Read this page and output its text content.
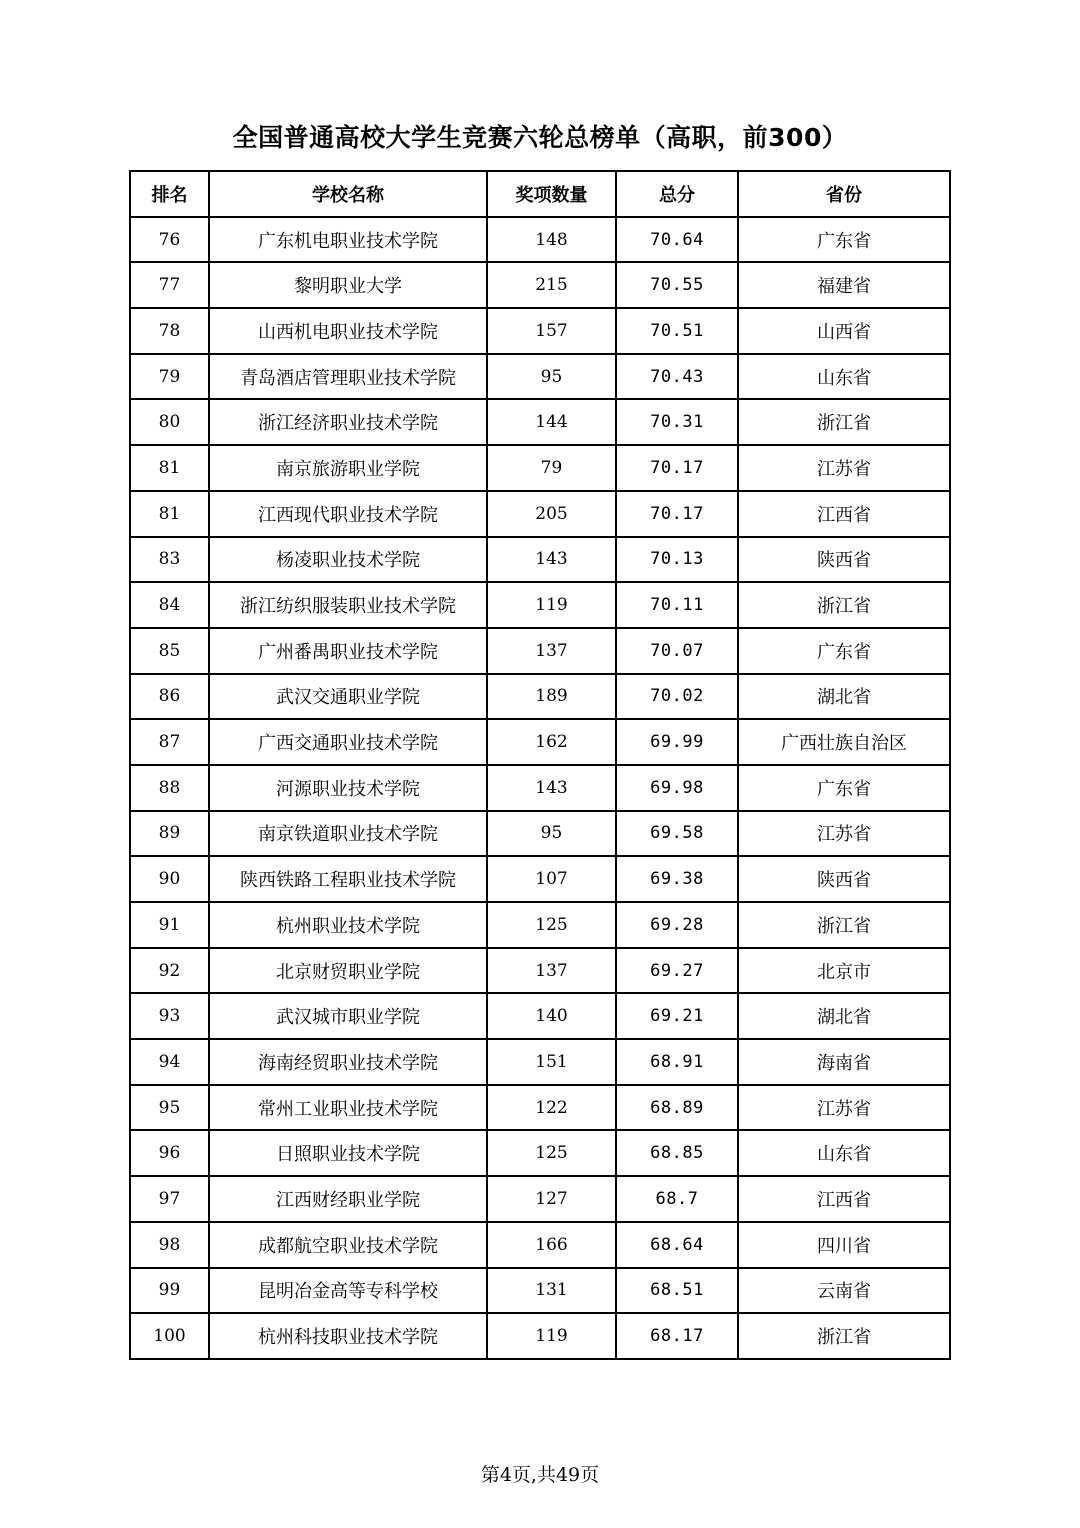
全国普通高校大学生竞赛六轮总榜单（高职，前300）
排名	学校名称	奖项数量	总分	省份
76	广东机电职业技术学院	148	70.64	广东省
77	黎明职业大学	215	70.55	福建省
78	山西机电职业技术学院	157	70.51	山西省
79	青岛酒店管理职业技术学院	95	70.43	山东省
80	浙江经济职业技术学院	144	70.31	浙江省
81	南京旅游职业学院	79	70.17	江苏省
81	江西现代职业技术学院	205	70.17	江西省
83	杨凌职业技术学院	143	70.13	陕西省
84	浙江纺织服装职业技术学院	119	70.11	浙江省
85	广州番禺职业技术学院	137	70.07	广东省
86	武汉交通职业学院	189	70.02	湖北省
87	广西交通职业技术学院	162	69.99	广西壮族自治区
88	河源职业技术学院	143	69.98	广东省
89	南京铁道职业技术学院	95	69.58	江苏省
90	陕西铁路工程职业技术学院	107	69.38	陕西省
91	杭州职业技术学院	125	69.28	浙江省
92	北京财贸职业学院	137	69.27	北京市
93	武汉城市职业学院	140	69.21	湖北省
94	海南经贸职业技术学院	151	68.91	海南省
95	常州工业职业技术学院	122	68.89	江苏省
96	日照职业技术学院	125	68.85	山东省
97	江西财经职业学院	127	68.7	江西省
98	成都航空职业技术学院	166	68.64	四川省
99	昆明冶金高等专科学校	131	68.51	云南省
100	杭州科技职业技术学院	119	68.17	浙江省
第4页,共49页
